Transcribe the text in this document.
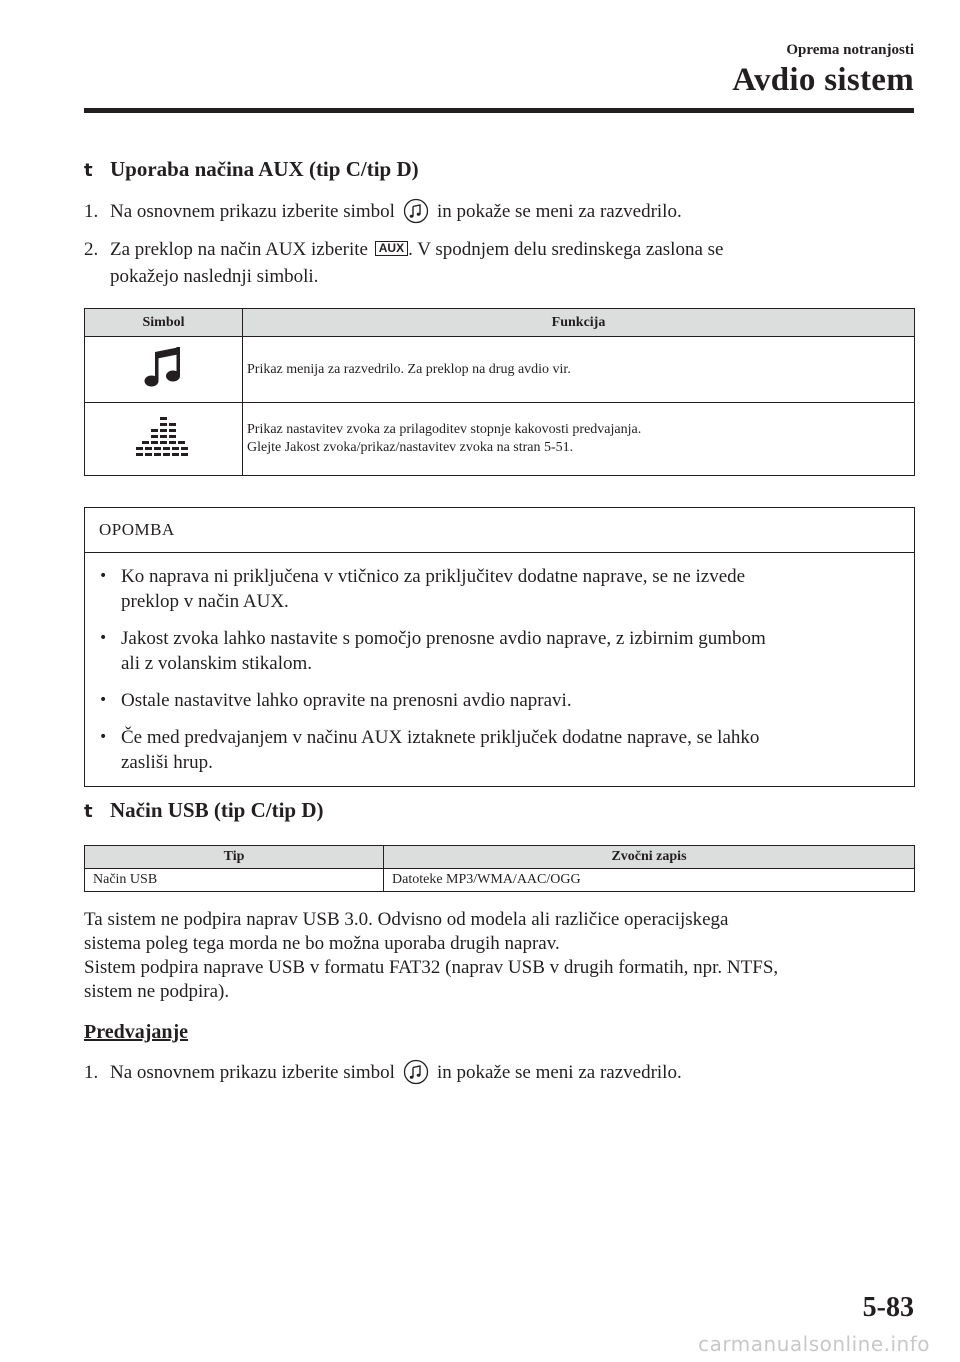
Oprema notranjosti
Avdio sistem
t Uporaba načina AUX (tip C/tip D)
1. Na osnovnem prikazu izberite simbol in pokaže se meni za razvedrilo.
2. Za preklop na način AUX izberite AUX . V spodnjem delu sredinskega zaslona se
pokažejo naslednji simboli.
Simbol	Funkcija
	Prikaz menija za razvedrilo. Za preklop na drug avdio vir.
	Prikaz nastavitev zvoka za prilagoditev stopnje kakovosti predvajanja.
Glejte Jakost zvoka/prikaz/nastavitev zvoka na stran 5-51.
OPOMBA
• Ko naprava ni priključena v vtičnico za priključitev dodatne naprave, se ne izvede
preklop v način AUX.
• Jakost zvoka lahko nastavite s pomočjo prenosne avdio naprave, z izbirnim gumbom
ali z volanskim stikalom.
• Ostale nastavitve lahko opravite na prenosni avdio napravi.
• Če med predvajanjem v načinu AUX iztaknete priključek dodatne naprave, se lahko
zasliši hrup.
t Način USB (tip C/tip D)
Tip	Zvočni zapis
Način USB	Datoteke MP3/WMA/AAC/OGG
Ta sistem ne podpira naprav USB 3.0. Odvisno od modela ali različice operacijskega
sistema poleg tega morda ne bo možna uporaba drugih naprav.
Sistem podpira naprave USB v formatu FAT32 (naprav USB v drugih formatih, npr. NTFS,
sistem ne podpira).
Predvajanje
1. Na osnovnem prikazu izberite simbol in pokaže se meni za razvedrilo.
5-83
carmanualsonline.info
